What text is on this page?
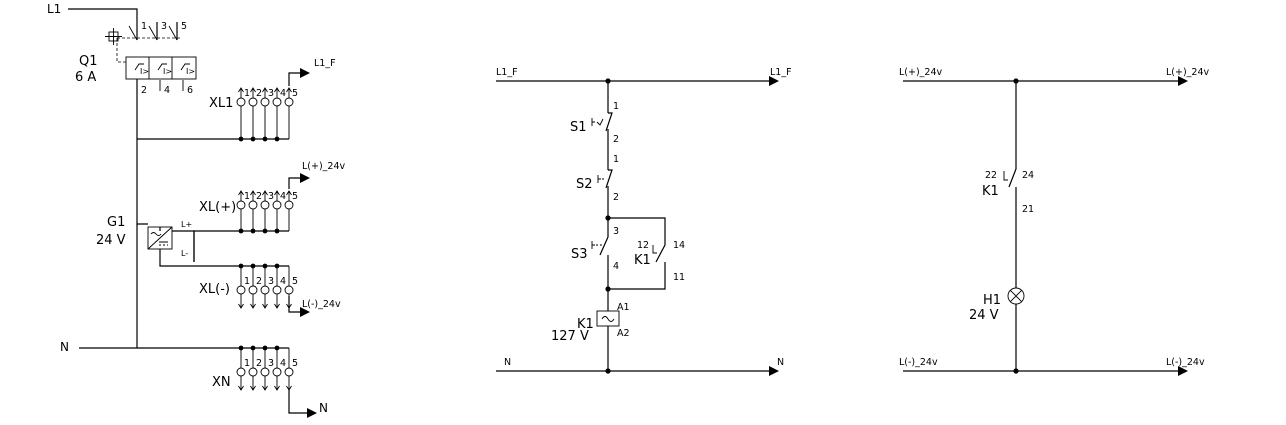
L1
I> I> I>
1 3 5
2 4 6
Q1
6 A
G1
24 V
L+
L-
N
XL1
1 2 3 4 5
L1_F
XL(+)
1 2 3 4 5
L(+)_24v
XL(-)
1 2 3 4 5
L(-)_24v
XN
1 2 3 4 5
N
L1_F	L1_F
N	N
S1
1
2
S2
1
2
S3
3
4 K1
12	14
11
K1
127 V
A1
A2
L(+)_24v	L(+)_24v
L(-)_24v	L(-)_24v
K1
22	24
21
H1
24 V
